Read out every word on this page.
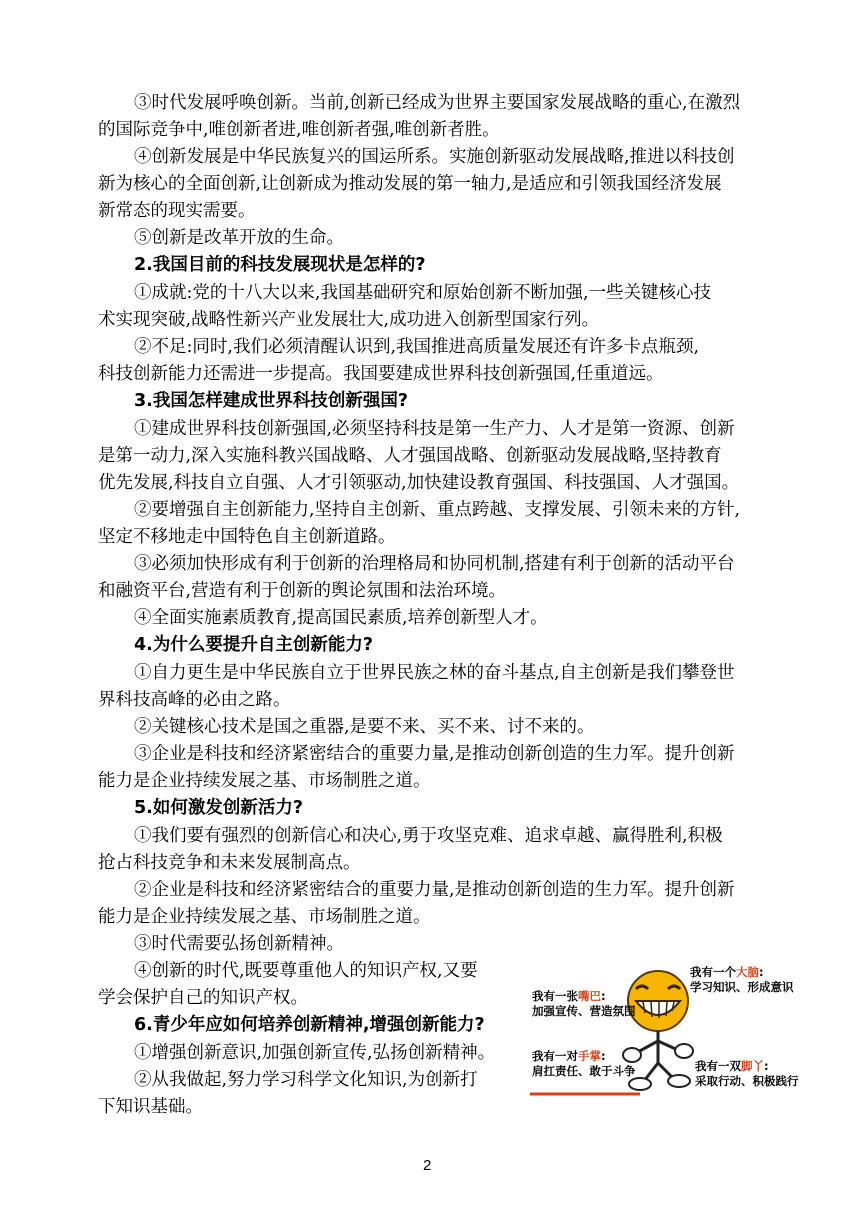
③时代发展呼唤创新。当前,创新已经成为世界主要国家发展战略的重心,在激烈
的国际竞争中,唯创新者进,唯创新者强,唯创新者胜。
④创新发展是中华民族复兴的国运所系。实施创新驱动发展战略,推进以科技创
新为核心的全面创新,让创新成为推动发展的第一轴力,是适应和引领我国经济发展
新常态的现实需要。
⑤创新是改革开放的生命。
2.我国目前的科技发展现状是怎样的?
①成就:党的十八大以来,我国基础研究和原始创新不断加强,一些关键核心技
术实现突破,战略性新兴产业发展壮大,成功进入创新型国家行列。
②不足:同时,我们必须清醒认识到,我国推进高质量发展还有许多卡点瓶颈,
科技创新能力还需进一步提高。我国要建成世界科技创新强国,任重道远。
3.我国怎样建成世界科技创新强国?
①建成世界科技创新强国,必须坚持科技是第一生产力、人才是第一资源、创新
是第一动力,深入实施科教兴国战略、人才强国战略、创新驱动发展战略,坚持教育
优先发展,科技自立自强、人才引领驱动,加快建设教育强国、科技强国、人才强国。
②要增强自主创新能力,坚持自主创新、重点跨越、支撑发展、引领未来的方针,
坚定不移地走中国特色自主创新道路。
③必须加快形成有利于创新的治理格局和协同机制,搭建有利于创新的活动平台
和融资平台,营造有利于创新的舆论氛围和法治环境。
④全面实施素质教育,提高国民素质,培养创新型人才。
4.为什么要提升自主创新能力?
①自力更生是中华民族自立于世界民族之林的奋斗基点,自主创新是我们攀登世
界科技高峰的必由之路。
②关键核心技术是国之重器,是要不来、买不来、讨不来的。
③企业是科技和经济紧密结合的重要力量,是推动创新创造的生力军。提升创新
能力是企业持续发展之基、市场制胜之道。
5.如何激发创新活力?
①我们要有强烈的创新信心和决心,勇于攻坚克难、追求卓越、赢得胜利,积极
抢占科技竞争和未来发展制高点。
②企业是科技和经济紧密结合的重要力量,是推动创新创造的生力军。提升创新
能力是企业持续发展之基、市场制胜之道。
③时代需要弘扬创新精神。
④创新的时代,既要尊重他人的知识产权,又要
学会保护自己的知识产权。
6.青少年应如何培养创新精神,增强创新能力?
①增强创新意识,加强创新宣传,弘扬创新精神。
②从我做起,努力学习科学文化知识,为创新打
下知识基础。
我有一个大脑:
学习知识、形成意识
我有一张嘴巴:
加强宣传、营造氛围
我有一对手掌:
肩扛责任、敢于斗争	我有一双脚丫:
采取行动、积极践行
2
